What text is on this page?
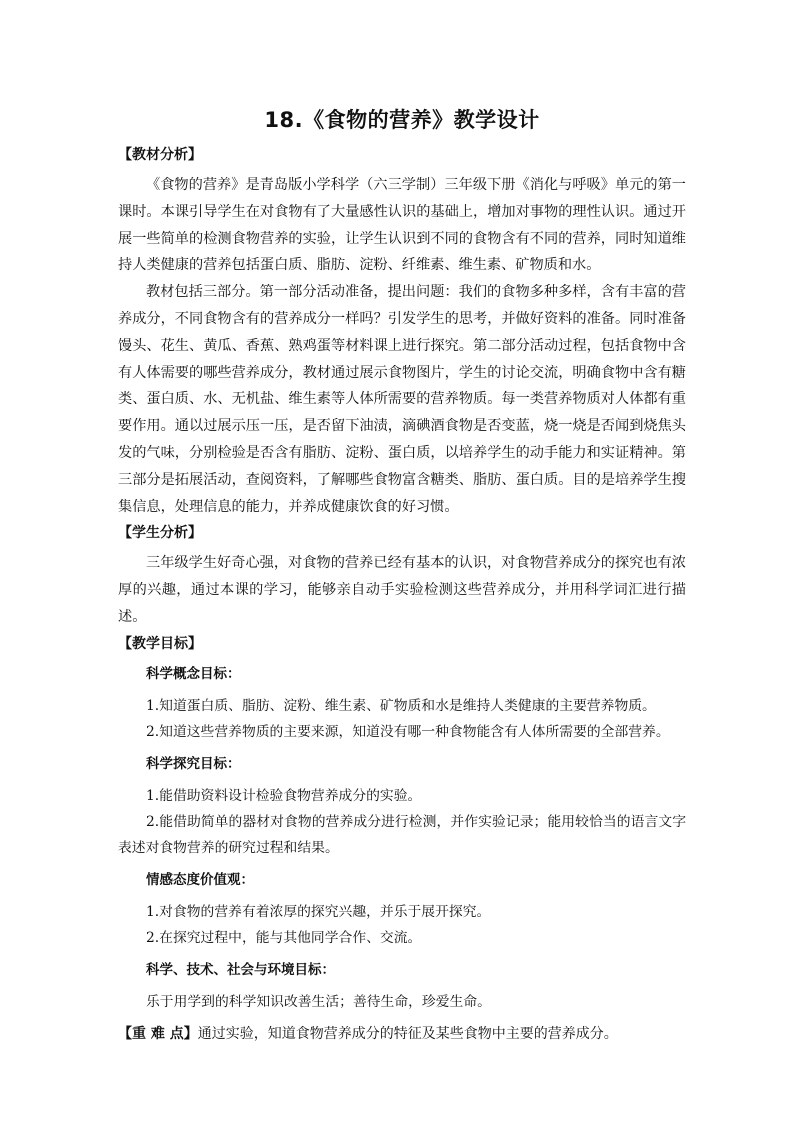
18.《食物的营养》教学设计
【教材分析】

《食物的营养》是青岛版小学科学（六三学制）三年级下册《消化与呼吸》单元的第一课时。本课引导学生在对食物有了大量感性认识的基础上，增加对事物的理性认识。通过开展一些简单的检测食物营养的实验，让学生认识到不同的食物含有不同的营养，同时知道维持人类健康的营养包括蛋白质、脂肪、淀粉、纤维素、维生素、矿物质和水。

教材包括三部分。第一部分活动准备，提出问题：我们的食物多种多样，含有丰富的营养成分，不同食物含有的营养成分一样吗？引发学生的思考，并做好资料的准备。同时准备馒头、花生、黄瓜、香蕉、熟鸡蛋等材料课上进行探究。第二部分活动过程，包括食物中含有人体需要的哪些营养成分，教材通过展示食物图片，学生的讨论交流，明确食物中含有糖类、蛋白质、水、无机盐、维生素等人体所需要的营养物质。每一类营养物质对人体都有重要作用。通以过展示压一压，是否留下油渍，滴碘酒食物是否变蓝，烧一烧是否闻到烧焦头发的气味，分别检验是否含有脂肪、淀粉、蛋白质，以培养学生的动手能力和实证精神。第三部分是拓展活动，查阅资料，了解哪些食物富含糖类、脂肪、蛋白质。目的是培养学生搜集信息，处理信息的能力，并养成健康饮食的好习惯。

【学生分析】

三年级学生好奇心强，对食物的营养已经有基本的认识，对食物营养成分的探究也有浓厚的兴趣，通过本课的学习，能够亲自动手实验检测这些营养成分，并用科学词汇进行描述。

【教学目标】
科学概念目标：

1.知道蛋白质、脂肪、淀粉、维生素、矿物质和水是维持人类健康的主要营养物质。

2.知道这些营养物质的主要来源，知道没有哪一种食物能含有人体所需要的全部营养。

科学探究目标：

1.能借助资料设计检验食物营养成分的实验。

2.能借助简单的器材对食物的营养成分进行检测，并作实验记录；能用较恰当的语言文字表述对食物营养的研究过程和结果。

情感态度价值观：

1.对食物的营养有着浓厚的探究兴趣，并乐于展开探究。

2.在探究过程中，能与其他同学合作、交流。

科学、技术、社会与环境目标：

乐于用学到的科学知识改善生活；善待生命，珍爱生命。

【重 难 点】通过实验，知道食物营养成分的特征及某些食物中主要的营养成分。
